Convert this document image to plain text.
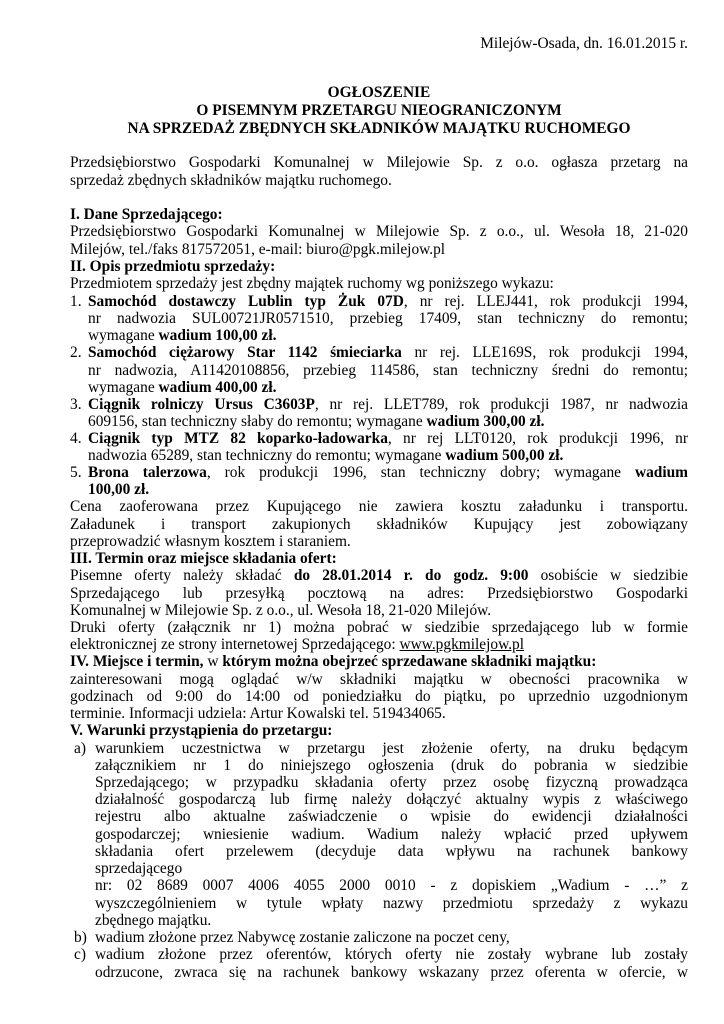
Milejów-Osada, dn. 16.01.2015 r.
OGŁOSZENIE
O PISEMNYM PRZETARGU NIEOGRANICZONYM
NA SPRZEDAŻ ZBĘDNYCH SKŁADNIKÓW MAJĄTKU RUCHOMEGO
Przedsiębiorstwo Gospodarki Komunalnej w Milejowie Sp. z o.o. ogłasza przetarg na
sprzedaż zbędnych składników majątku ruchomego.
I. Dane Sprzedającego:
Przedsiębiorstwo Gospodarki Komunalnej w Milejowie Sp. z o.o., ul. Wesoła 18, 21-020
Milejów, tel./faks 817572051, e-mail: biuro@pgk.milejow.pl
II. Opis przedmiotu sprzedaży:
Przedmiotem sprzedaży jest zbędny majątek ruchomy wg poniższego wykazu:
1. Samochód dostawczy Lublin typ Żuk 07D, nr rej. LLEJ441, rok produkcji 1994,
nr nadwozia SUL00721JR0571510, przebieg 17409, stan techniczny do remontu;
wymagane wadium 100,00 zł.
2. Samochód ciężarowy Star 1142 śmieciarka nr rej. LLE169S, rok produkcji 1994,
nr nadwozia, A11420108856, przebieg 114586, stan techniczny średni do remontu;
wymagane wadium 400,00 zł.
3. Ciągnik rolniczy Ursus C3603P, nr rej. LLET789, rok produkcji 1987, nr nadwozia
609156, stan techniczny słaby do remontu; wymagane wadium 300,00 zł.
4. Ciągnik typ MTZ 82 koparko-ładowarka, nr rej LLT0120, rok produkcji 1996, nr
nadwozia 65289, stan techniczny do remontu; wymagane wadium 500,00 zł.
5. Brona talerzowa, rok produkcji 1996, stan techniczny dobry; wymagane wadium
100,00 zł.
Cena zaoferowana przez Kupującego nie zawiera kosztu załadunku i transportu.
Załadunek i transport zakupionych składników Kupujący jest zobowiązany
przeprowadzić własnym kosztem i staraniem.
III. Termin oraz miejsce składania ofert:
Pisemne oferty należy składać do 28.01.2014 r. do godz. 9:00 osobiście w siedzibie
Sprzedającego lub przesyłką pocztową na adres: Przedsiębiorstwo Gospodarki
Komunalnej w Milejowie Sp. z o.o., ul. Wesoła 18, 21-020 Milejów.
Druki oferty (załącznik nr 1) można pobrać w siedzibie sprzedającego lub w formie
elektronicznej ze strony internetowej Sprzedającego: www.pgkmilejow.pl
IV. Miejsce i termin, w którym można obejrzeć sprzedawane składniki majątku:
zainteresowani mogą oglądać w/w składniki majątku w obecności pracownika w
godzinach od 9:00 do 14:00 od poniedziałku do piątku, po uprzednio uzgodnionym
terminie. Informacji udziela: Artur Kowalski tel. 519434065.
V. Warunki przystąpienia do przetargu:
a) warunkiem uczestnictwa w przetargu jest złożenie oferty, na druku będącym
załącznikiem nr 1 do niniejszego ogłoszenia (druk do pobrania w siedzibie
Sprzedającego; w przypadku składania oferty przez osobę fizyczną prowadząca
działalność gospodarczą lub firmę należy dołączyć aktualny wypis z właściwego
rejestru albo aktualne zaświadczenie o wpisie do ewidencji działalności
gospodarczej; wniesienie wadium. Wadium należy wpłacić przed upływem
składania ofert przelewem (decyduje data wpływu na rachunek bankowy
sprzedającego
nr: 02 8689 0007 4006 4055 2000 0010 - z dopiskiem „Wadium - …” z
wyszczególnieniem w tytule wpłaty nazwy przedmiotu sprzedaży z wykazu
zbędnego majątku.
b) wadium złożone przez Nabywcę zostanie zaliczone na poczet ceny,
c) wadium złożone przez oferentów, których oferty nie zostały wybrane lub zostały
odrzucone, zwraca się na rachunek bankowy wskazany przez oferenta w ofercie, w
